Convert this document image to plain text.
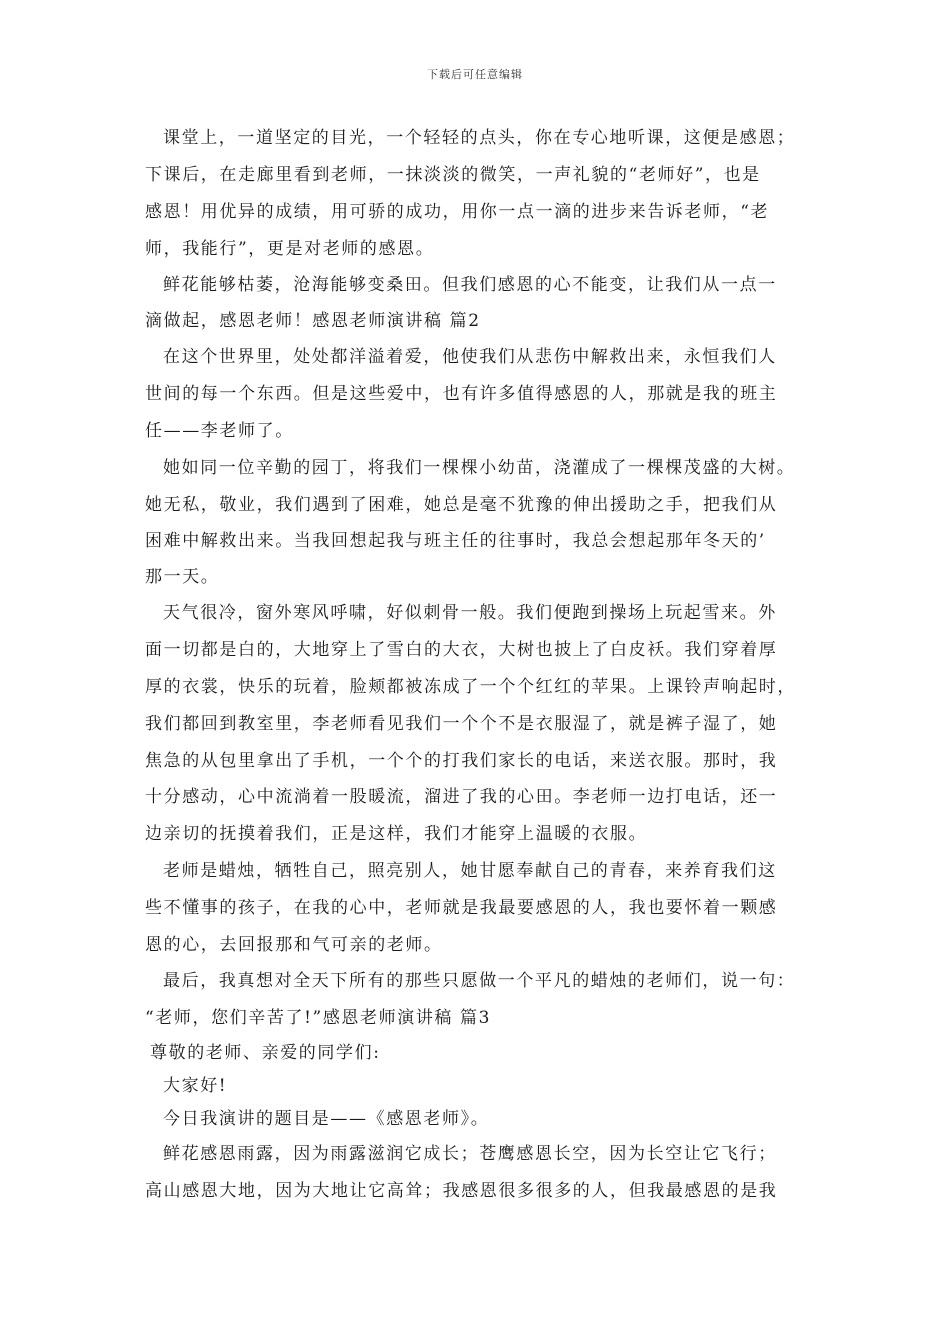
下载后可任意编辑
课堂上，一道坚定的目光，一个轻轻的点头，你在专心地听课，这便是感恩；
下课后，在走廊里看到老师，一抹淡淡的微笑，一声礼貌的“老师好”，也是
感恩！用优异的成绩，用可骄的成功，用你一点一滴的进步来告诉老师，“老
师，我能行”，更是对老师的感恩。
鲜花能够枯萎，沧海能够变桑田。但我们感恩的心不能变，让我们从一点一
滴做起，感恩老师！感恩老师演讲稿 篇2
在这个世界里，处处都洋溢着爱，他使我们从悲伤中解救出来，永恒我们人
世间的每一个东西。但是这些爱中，也有许多值得感恩的人，那就是我的班主
任——李老师了。
她如同一位辛勤的园丁，将我们一棵棵小幼苗，浇灌成了一棵棵茂盛的大树。
她无私，敬业，我们遇到了困难，她总是毫不犹豫的伸出援助之手，把我们从
困难中解救出来。当我回想起我与班主任的往事时，我总会想起那年冬天的’
那一天。
天气很冷，窗外寒风呼啸，好似刺骨一般。我们便跑到操场上玩起雪来。外
面一切都是白的，大地穿上了雪白的大衣，大树也披上了白皮袄。我们穿着厚
厚的衣裳，快乐的玩着，脸颊都被冻成了一个个红红的苹果。上课铃声响起时，
我们都回到教室里，李老师看见我们一个个不是衣服湿了，就是裤子湿了，她
焦急的从包里拿出了手机，一个个的打我们家长的电话，来送衣服。那时，我
十分感动，心中流淌着一股暖流，溜进了我的心田。李老师一边打电话，还一
边亲切的抚摸着我们，正是这样，我们才能穿上温暖的衣服。
老师是蜡烛，牺牲自己，照亮别人，她甘愿奉献自己的青春，来养育我们这
些不懂事的孩子，在我的心中，老师就是我最要感恩的人，我也要怀着一颗感
恩的心，去回报那和气可亲的老师。
最后，我真想对全天下所有的那些只愿做一个平凡的蜡烛的老师们，说一句：
“老师，您们辛苦了!”感恩老师演讲稿 篇3
尊敬的老师、亲爱的同学们:
大家好!
今日我演讲的题目是——《感恩老师》。
鲜花感恩雨露，因为雨露滋润它成长；苍鹰感恩长空，因为长空让它飞行；
高山感恩大地，因为大地让它高耸；我感恩很多很多的人，但我最感恩的是我
